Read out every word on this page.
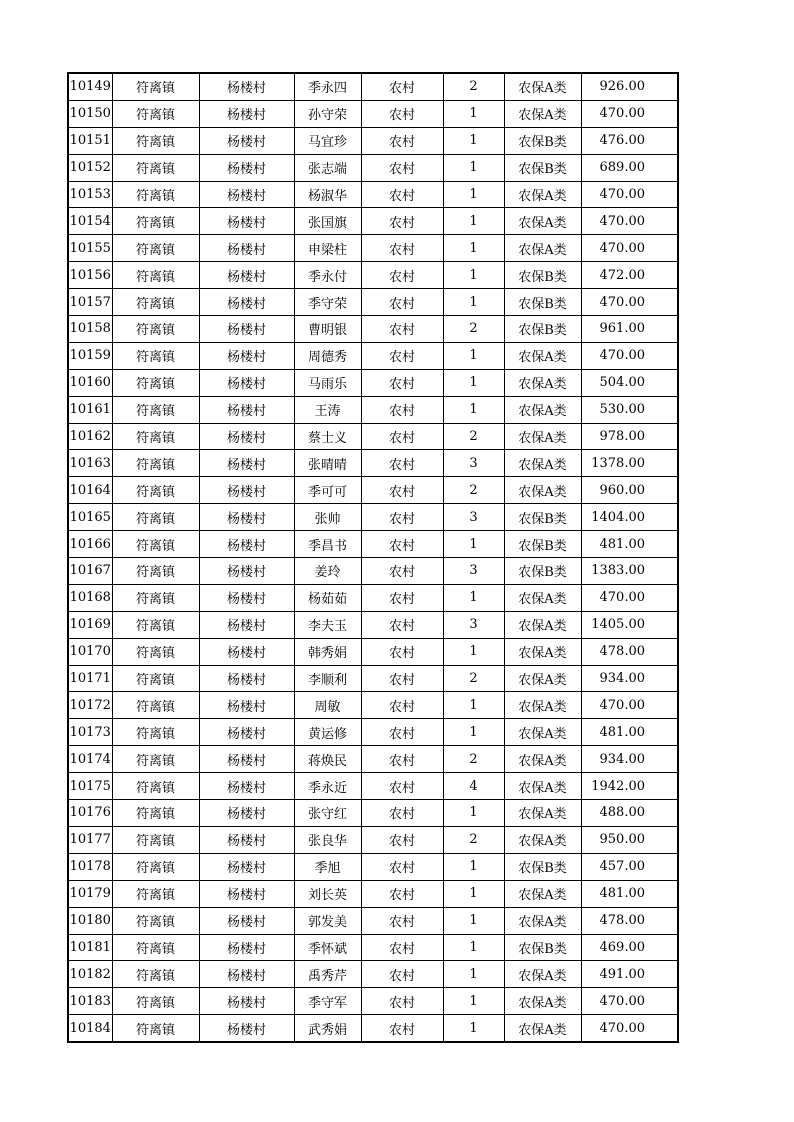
10149	符离镇	杨楼村	季永四	农村	2	农保A类	926.00
10150	符离镇	杨楼村	孙守荣	农村	1	农保A类	470.00
10151	符离镇	杨楼村	马宜珍	农村	1	农保B类	476.00
10152	符离镇	杨楼村	张志端	农村	1	农保B类	689.00
10153	符离镇	杨楼村	杨淑华	农村	1	农保A类	470.00
10154	符离镇	杨楼村	张国旗	农村	1	农保A类	470.00
10155	符离镇	杨楼村	申梁柱	农村	1	农保A类	470.00
10156	符离镇	杨楼村	季永付	农村	1	农保B类	472.00
10157	符离镇	杨楼村	季守荣	农村	1	农保B类	470.00
10158	符离镇	杨楼村	曹明银	农村	2	农保B类	961.00
10159	符离镇	杨楼村	周德秀	农村	1	农保A类	470.00
10160	符离镇	杨楼村	马雨乐	农村	1	农保A类	504.00
10161	符离镇	杨楼村	王涛	农村	1	农保A类	530.00
10162	符离镇	杨楼村	蔡士义	农村	2	农保A类	978.00
10163	符离镇	杨楼村	张晴晴	农村	3	农保A类	1378.00
10164	符离镇	杨楼村	季可可	农村	2	农保A类	960.00
10165	符离镇	杨楼村	张帅	农村	3	农保B类	1404.00
10166	符离镇	杨楼村	季昌书	农村	1	农保B类	481.00
10167	符离镇	杨楼村	姜玲	农村	3	农保B类	1383.00
10168	符离镇	杨楼村	杨茹茹	农村	1	农保A类	470.00
10169	符离镇	杨楼村	李夫玉	农村	3	农保A类	1405.00
10170	符离镇	杨楼村	韩秀娟	农村	1	农保A类	478.00
10171	符离镇	杨楼村	李顺利	农村	2	农保A类	934.00
10172	符离镇	杨楼村	周敏	农村	1	农保A类	470.00
10173	符离镇	杨楼村	黄运修	农村	1	农保A类	481.00
10174	符离镇	杨楼村	蒋焕民	农村	2	农保A类	934.00
10175	符离镇	杨楼村	季永近	农村	4	农保A类	1942.00
10176	符离镇	杨楼村	张守红	农村	1	农保A类	488.00
10177	符离镇	杨楼村	张良华	农村	2	农保A类	950.00
10178	符离镇	杨楼村	季旭	农村	1	农保B类	457.00
10179	符离镇	杨楼村	刘长英	农村	1	农保A类	481.00
10180	符离镇	杨楼村	郭发美	农村	1	农保A类	478.00
10181	符离镇	杨楼村	季怀斌	农村	1	农保B类	469.00
10182	符离镇	杨楼村	禹秀芹	农村	1	农保A类	491.00
10183	符离镇	杨楼村	季守军	农村	1	农保A类	470.00
10184	符离镇	杨楼村	武秀娟	农村	1	农保A类	470.00
